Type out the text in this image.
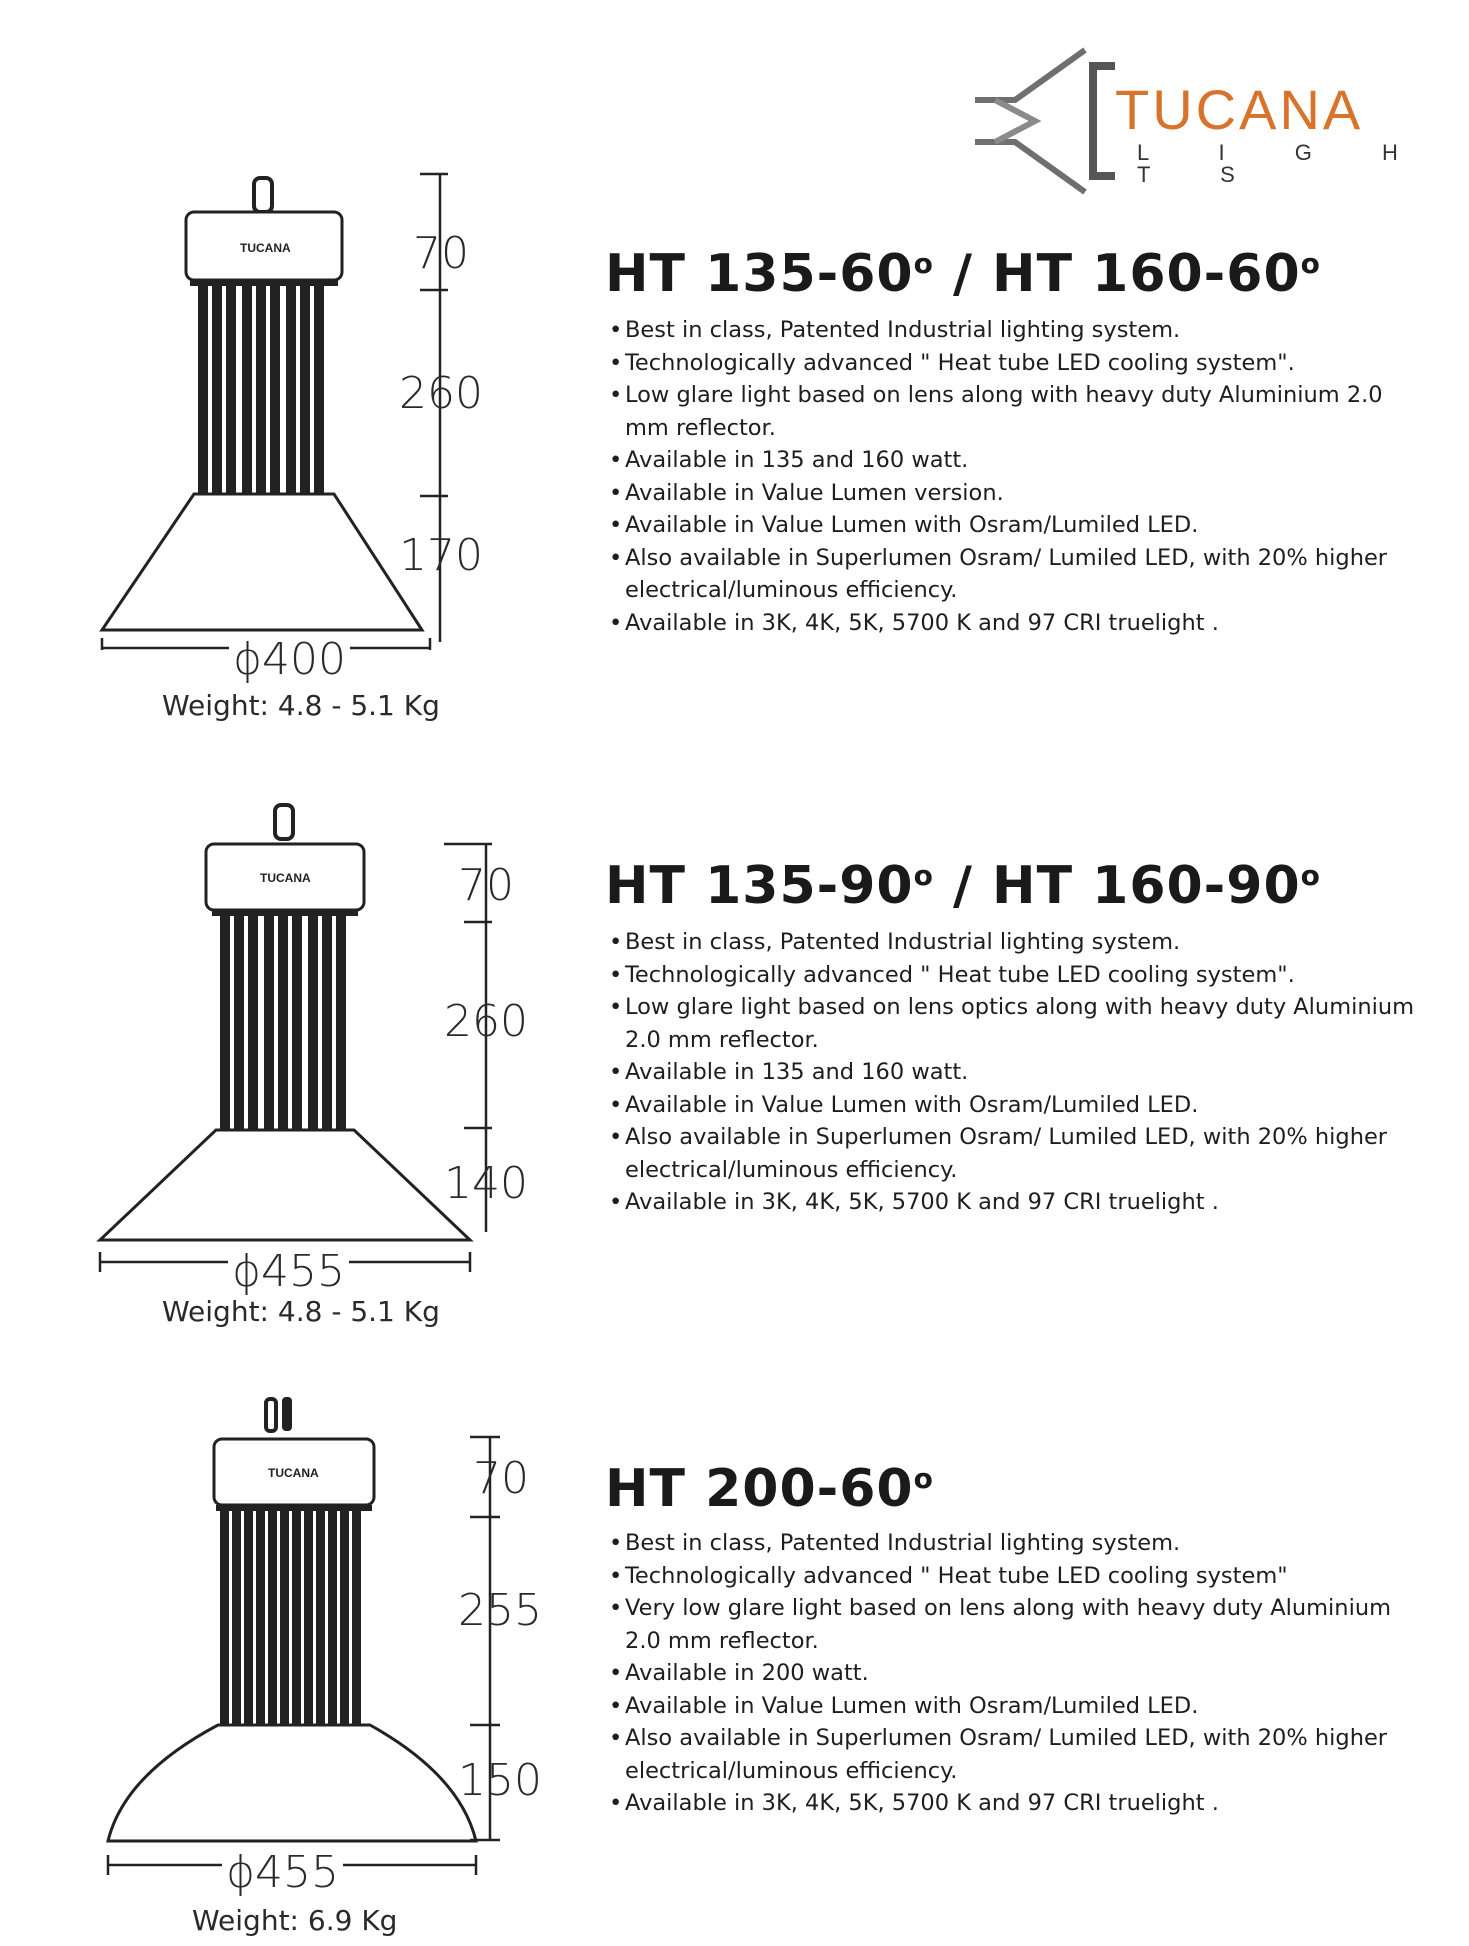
TUCANA
L I G H T S
TUCANA	70
260
170
ϕ400
Weight: 4.8 - 5.1 Kg
HT 135-60$^o$ / HT 160-60$^o$
• Best in class, Patented Industrial lighting system.
• Technologically advanced " Heat tube LED cooling system".
• Low glare light based on lens along with heavy duty Aluminium 2.0 mm reflector.
• Available in 135 and 160 watt.
• Available in Value Lumen version.
• Available in Value Lumen with Osram/Lumiled LED.
• Also available in Superlumen Osram/ Lumiled LED, with 20% higher electrical/luminous efficiency.
• Available in 3K, 4K, 5K, 5700 K and 97 CRI truelight .
TUCANA	70
260
140
ϕ455
Weight: 4.8 - 5.1 Kg
HT 135-90$^o$ / HT 160-90$^o$
• Best in class, Patented Industrial lighting system.
• Technologically advanced " Heat tube LED cooling system".
• Low glare light based on lens optics along with heavy duty Aluminium 2.0 mm reflector.
• Available in 135 and 160 watt.
• Available in Value Lumen with Osram/Lumiled LED.
• Also available in Superlumen Osram/ Lumiled LED, with 20% higher electrical/luminous efficiency.
• Available in 3K, 4K, 5K, 5700 K and 97 CRI truelight .
TUCANA	70
255
150
ϕ455
Weight: 6.9 Kg
HT 200-60$^o$
• Best in class, Patented Industrial lighting system.
• Technologically advanced " Heat tube LED cooling system"
• Very low glare light based on lens along with heavy duty Aluminium 2.0 mm reflector.
• Available in 200 watt.
• Available in Value Lumen with Osram/Lumiled LED.
• Also available in Superlumen Osram/ Lumiled LED, with 20% higher electrical/luminous efficiency.
• Available in 3K, 4K, 5K, 5700 K and 97 CRI truelight .
